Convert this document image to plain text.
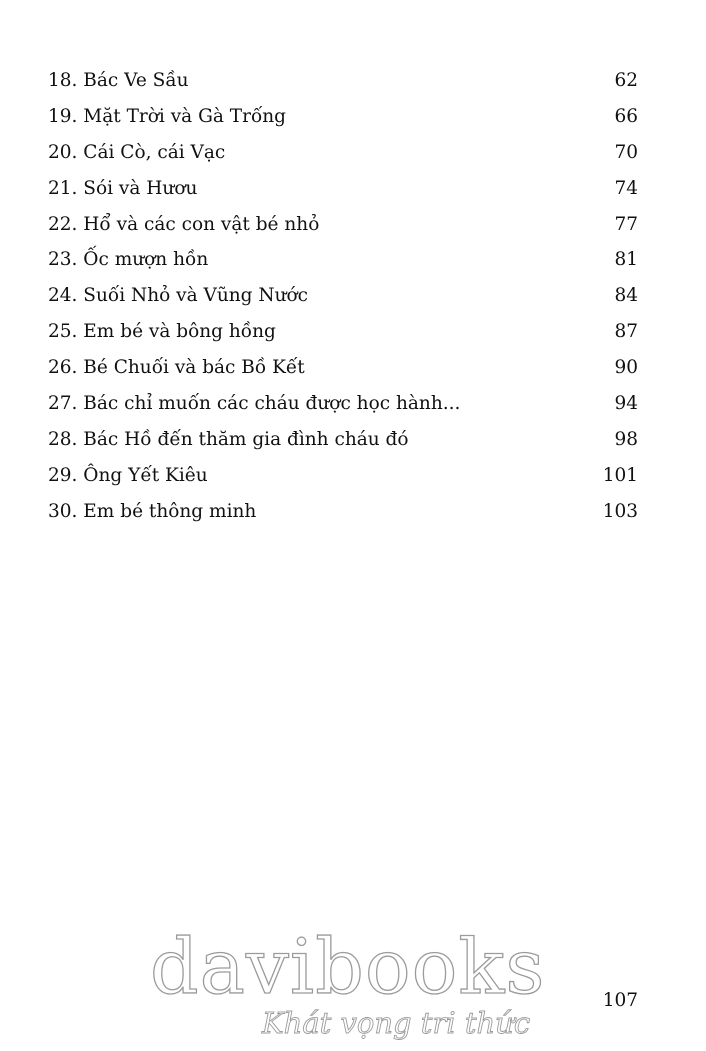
18. Bác Ve Sầu	62
19. Mặt Trời và Gà Trống	66
20. Cái Cò, cái Vạc	70
21. Sói và Hươu	74
22. Hổ và các con vật bé nhỏ	77
23. Ốc mượn hồn	81
24. Suối Nhỏ và Vũng Nước	84
25. Em bé và bông hồng	87
26. Bé Chuối và bác Bồ Kết	90
27. Bác chỉ muốn các cháu được học hành...	94
28. Bác Hồ đến thăm gia đình cháu đó	98
29. Ông Yết Kiêu	101
30. Em bé thông minh	103
davibooks
Khát vọng tri thức
107
